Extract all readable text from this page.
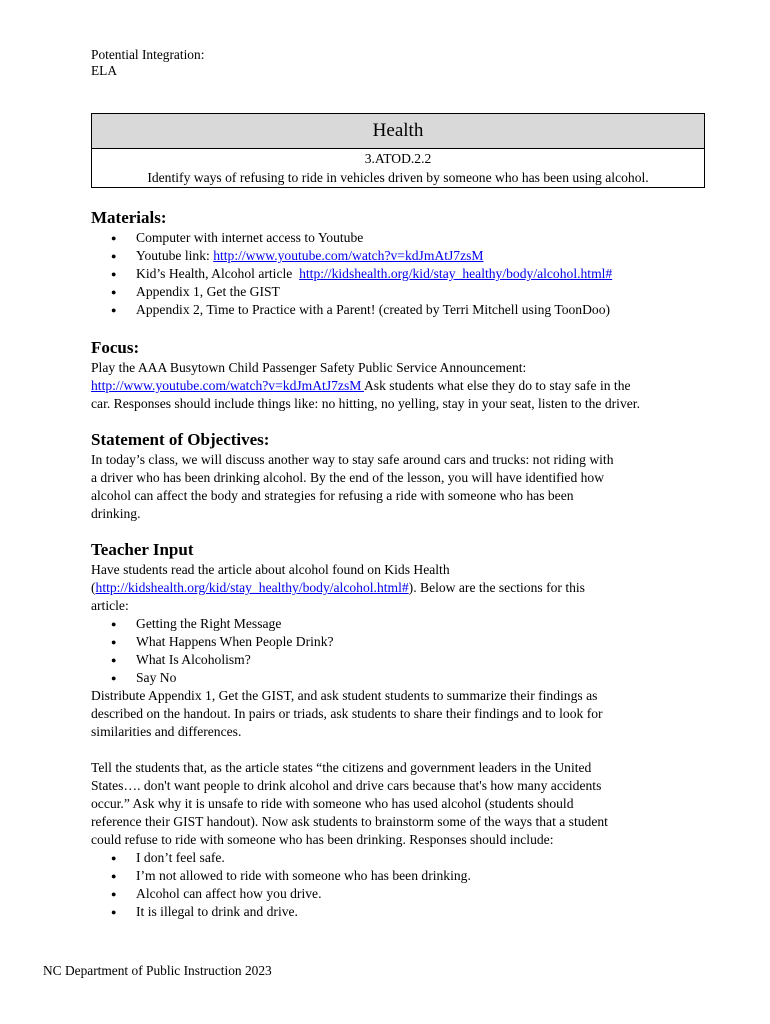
Potential Integration:
ELA
Health
3.ATOD.2.2
Identify ways of refusing to ride in vehicles driven by someone who has been using alcohol.
Materials:
● Computer with internet access to Youtube
● Youtube link: http://www.youtube.com/watch?v=kdJmAtJ7zsM
● Kid’s Health, Alcohol article  http://kidshealth.org/kid/stay_healthy/body/alcohol.html#
● Appendix 1, Get the GIST
● Appendix 2, Time to Practice with a Parent! (created by Terri Mitchell using ToonDoo)
Focus:

Play the AAA Busytown Child Passenger Safety Public Service Announcement:
http://www.youtube.com/watch?v=kdJmAtJ7zsM Ask students what else they do to stay safe in the
car. Responses should include things like: no hitting, no yelling, stay in your seat, listen to the driver.

Statement of Objectives:

In today’s class, we will discuss another way to stay safe around cars and trucks: not riding with
a driver who has been drinking alcohol. By the end of the lesson, you will have identified how
alcohol can affect the body and strategies for refusing a ride with someone who has been
drinking.

Teacher Input

Have students read the article about alcohol found on Kids Health
(http://kidshealth.org/kid/stay_healthy/body/alcohol.html#). Below are the sections for this
article:

● Getting the Right Message
● What Happens When People Drink?
● What Is Alcoholism?
● Say No

Distribute Appendix 1, Get the GIST, and ask student students to summarize their findings as
described on the handout. In pairs or triads, ask students to share their findings and to look for
similarities and differences.

Tell the students that, as the article states “the citizens and government leaders in the United
States…. don't want people to drink alcohol and drive cars because that's how many accidents
occur.” Ask why it is unsafe to ride with someone who has used alcohol (students should
reference their GIST handout). Now ask students to brainstorm some of the ways that a student
could refuse to ride with someone who has been drinking. Responses should include:

● I don’t feel safe.
● I’m not allowed to ride with someone who has been drinking.
● Alcohol can affect how you drive.
● It is illegal to drink and drive.
NC Department of Public Instruction 2023
